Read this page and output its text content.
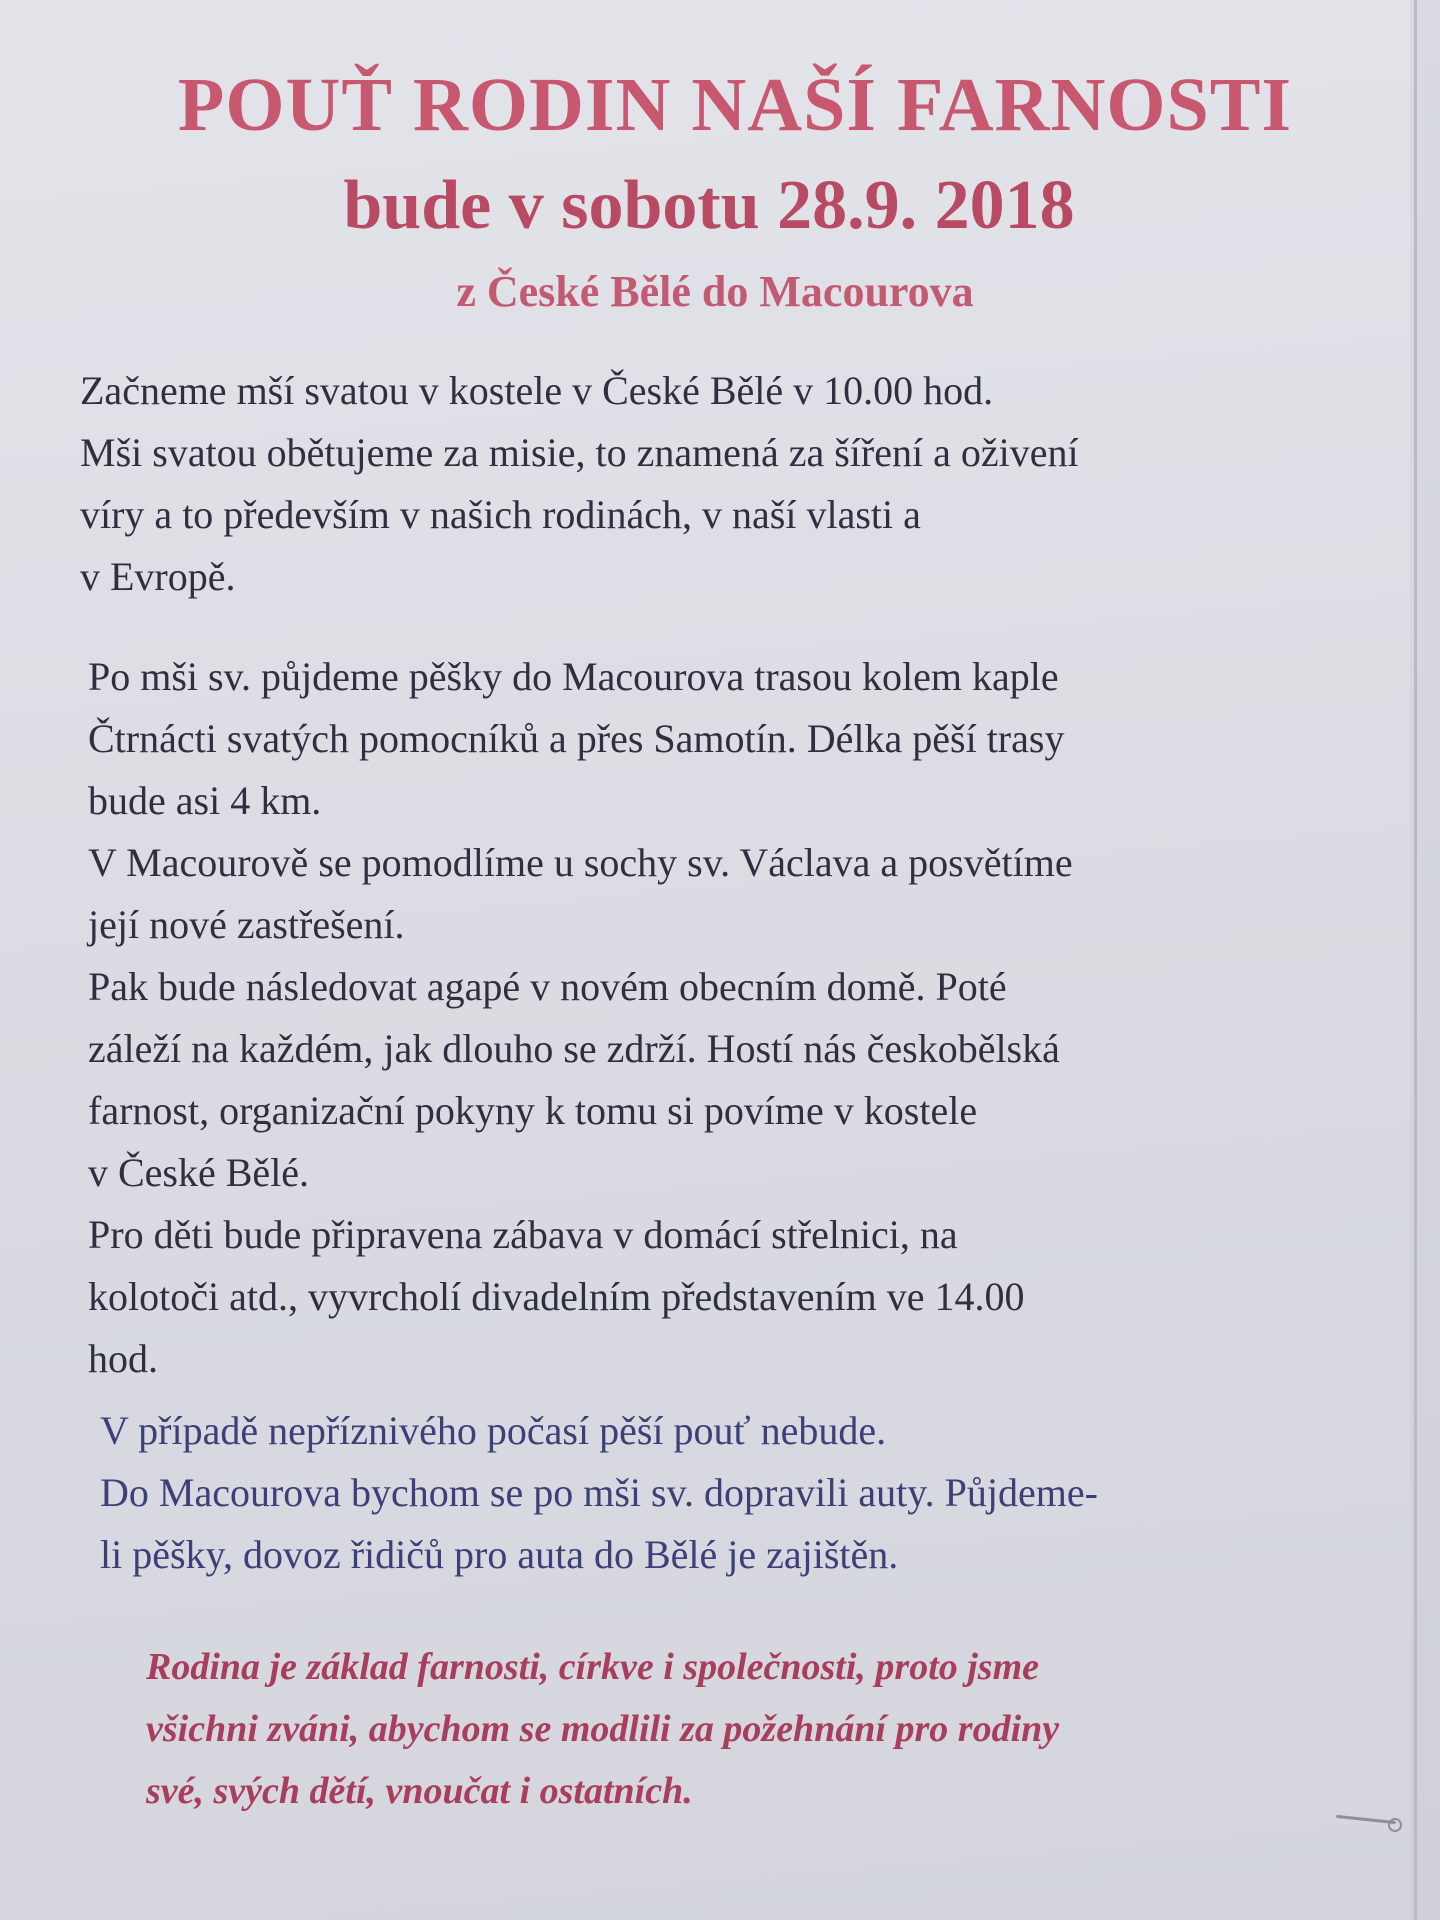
POUŤ RODIN NAŠÍ FARNOSTI
bude v sobotu 28.9. 2018
z České Bělé do Macourova

Začneme mší svatou v kostele v České Bělé v 10.00 hod.
Mši svatou obětujeme za misie, to znamená za šíření a oživení
víry a to především v našich rodinách, v naší vlasti a
v Evropě.

Po mši sv. půjdeme pěšky do Macourova trasou kolem kaple
Čtrnácti svatých pomocníků a přes Samotín. Délka pěší trasy
bude asi 4 km.
V Macourově se pomodlíme u sochy sv. Václava a posvětíme
její nové zastřešení.
Pak bude následovat agapé v novém obecním domě. Poté
záleží na každém, jak dlouho se zdrží. Hostí nás českobělská
farnost, organizační pokyny k tomu si povíme v kostele
v České Bělé.
Pro děti bude připravena zábava v domácí střelnici, na
kolotoči atd., vyvrcholí divadelním představením ve 14.00
hod.

V případě nepříznivého počasí pěší pouť nebude.
Do Macourova bychom se po mši sv. dopravili auty. Půjdeme-
li pěšky, dovoz řidičů pro auta do Bělé je zajištěn.

Rodina je základ farnosti, církve i společnosti, proto jsme
všichni zváni, abychom se modlili za požehnání pro rodiny
své, svých dětí, vnoučat i ostatních.
